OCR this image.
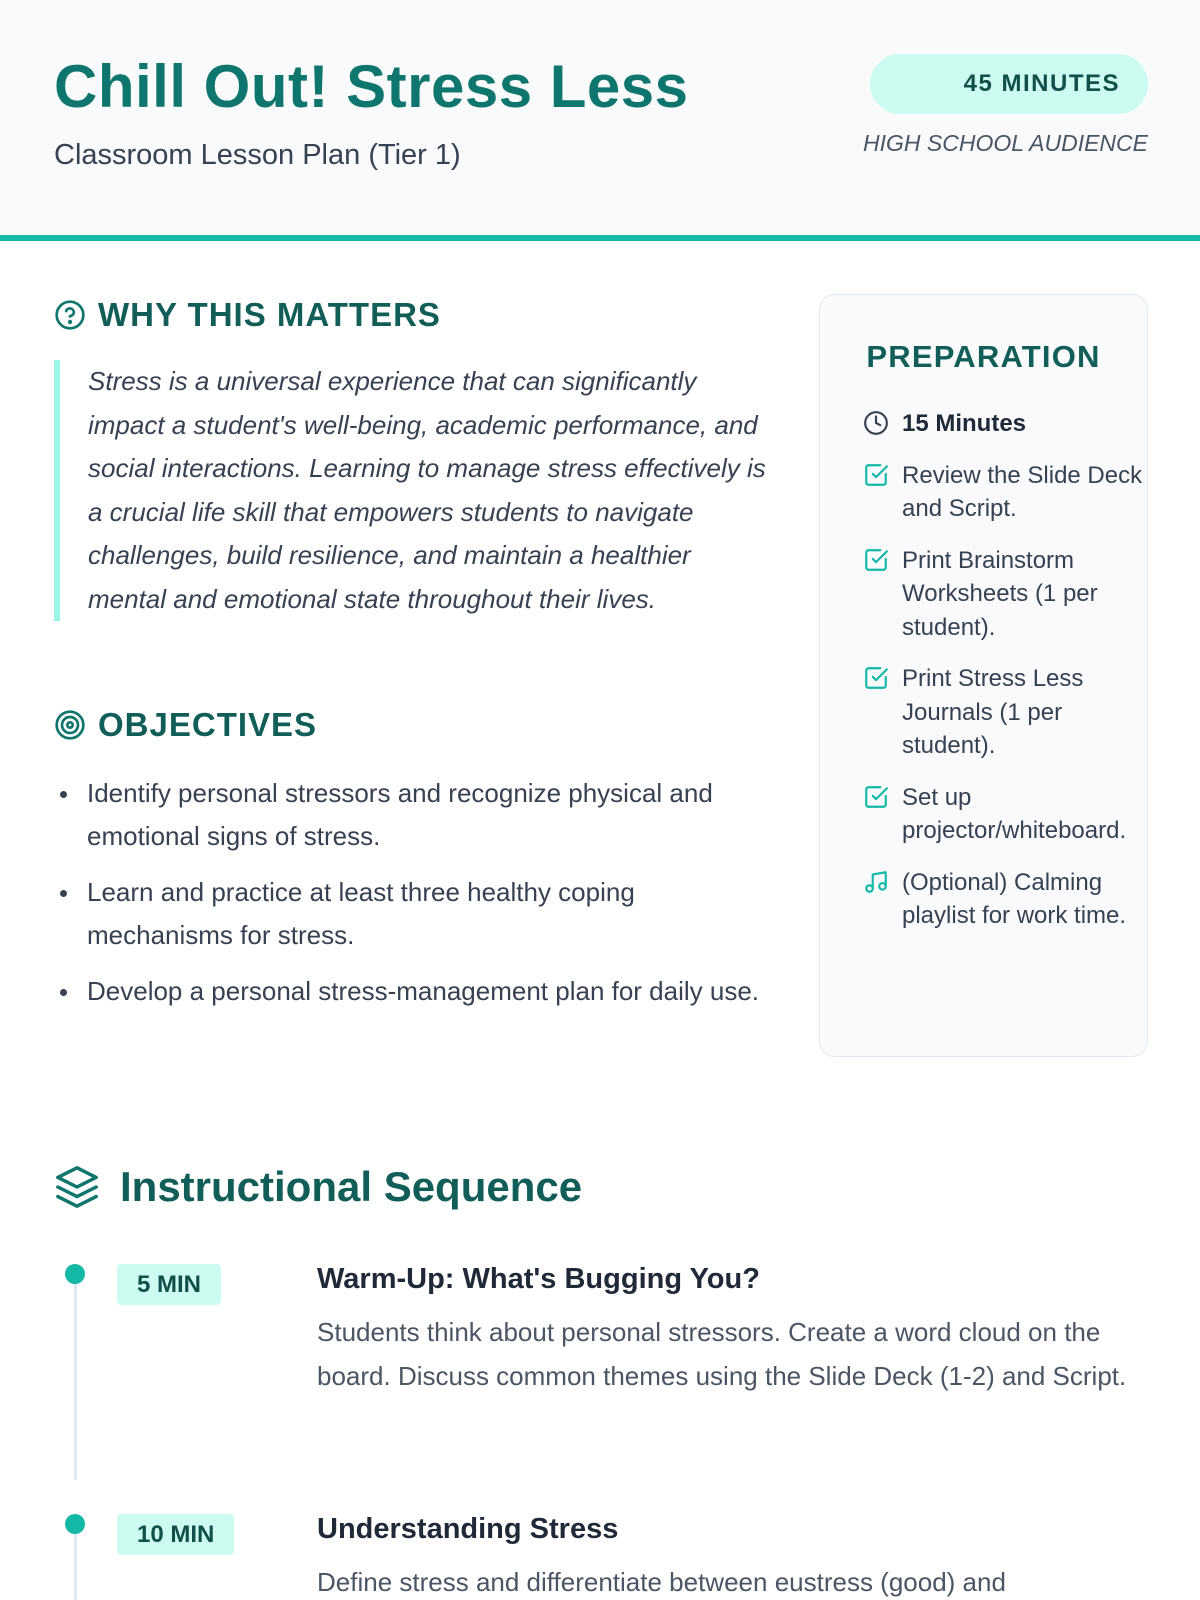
Chill Out! Stress Less
Classroom Lesson Plan (Tier 1)
45 MINUTES
HIGH SCHOOL AUDIENCE
WHY THIS MATTERS

Stress is a universal experience that can significantly impact a student's well-being, academic performance, and social interactions. Learning to manage stress effectively is a crucial life skill that empowers students to navigate challenges, build resilience, and maintain a healthier mental and emotional state throughout their lives.

OBJECTIVES
Identify personal stressors and recognize physical and emotional signs of stress.
Learn and practice at least three healthy coping mechanisms for stress.
Develop a personal stress-management plan for daily use.
PREPARATION
15 Minutes
Review the Slide Deck and Script.
Print Brainstorm Worksheets (1 per student).
Print Stress Less Journals (1 per student).
Set up projector/whiteboard.
(Optional) Calming playlist for work time.
Instructional Sequence
5 MIN	Warm-Up: What's Bugging You?
Students think about personal stressors. Create a word cloud on the board. Discuss common themes using the Slide Deck (1-2) and Script.
10 MIN	Understanding Stress
Define stress and differentiate between eustress (good) and
